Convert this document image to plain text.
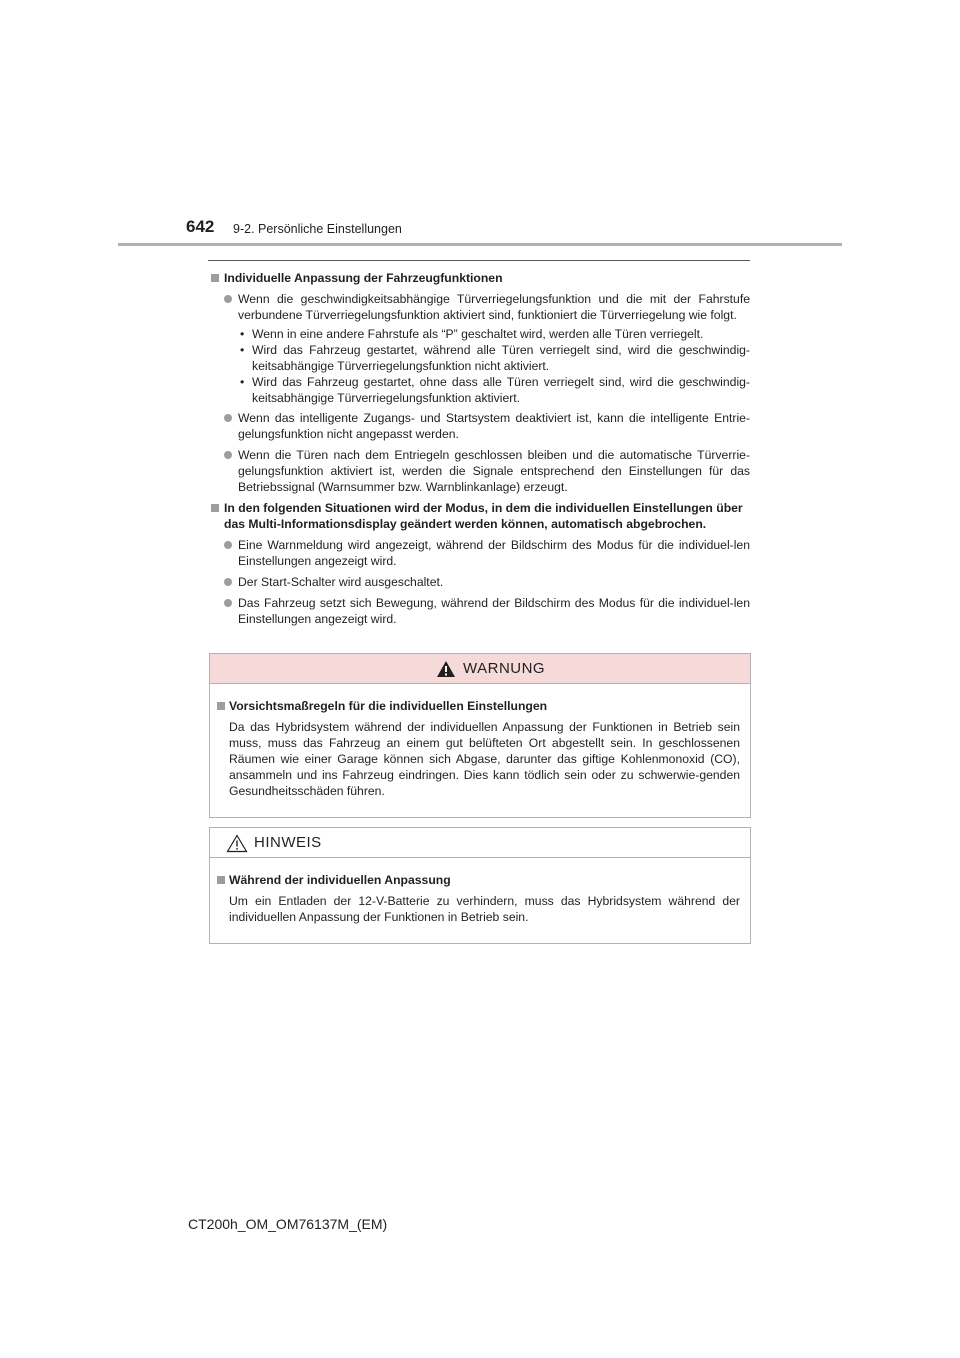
642 9-2. Persönliche Einstellungen
Individuelle Anpassung der Fahrzeugfunktionen
Wenn die geschwindigkeitsabhängige Türverriegelungsfunktion und die mit der Fahrstufe verbundene Türverriegelungsfunktion aktiviert sind, funktioniert die Türverriegelung wie folgt.
• Wenn in eine andere Fahrstufe als “P” geschaltet wird, werden alle Türen verriegelt.
• Wird das Fahrzeug gestartet, während alle Türen verriegelt sind, wird die geschwindig-keitsabhängige Türverriegelungsfunktion nicht aktiviert.
• Wird das Fahrzeug gestartet, ohne dass alle Türen verriegelt sind, wird die geschwindig-keitsabhängige Türverriegelungsfunktion aktiviert.
Wenn das intelligente Zugangs- und Startsystem deaktiviert ist, kann die intelligente Entrie-gelungsfunktion nicht angepasst werden.
Wenn die Türen nach dem Entriegeln geschlossen bleiben und die automatische Türverrie-gelungsfunktion aktiviert ist, werden die Signale entsprechend den Einstellungen für das Betriebssignal (Warnsummer bzw. Warnblinkanlage) erzeugt.
In den folgenden Situationen wird der Modus, in dem die individuellen Einstellungen über das Multi-Informationsdisplay geändert werden können, automatisch abgebrochen.
Eine Warnmeldung wird angezeigt, während der Bildschirm des Modus für die individuel-len Einstellungen angezeigt wird.
Der Start-Schalter wird ausgeschaltet.
Das Fahrzeug setzt sich Bewegung, während der Bildschirm des Modus für die individuel-len Einstellungen angezeigt wird.
WARNUNG
Vorsichtsmaßregeln für die individuellen Einstellungen
Da das Hybridsystem während der individuellen Anpassung der Funktionen in Betrieb sein muss, muss das Fahrzeug an einem gut belüfteten Ort abgestellt sein. In geschlossenen Räumen wie einer Garage können sich Abgase, darunter das giftige Kohlenmonoxid (CO), ansammeln und ins Fahrzeug eindringen. Dies kann tödlich sein oder zu schwerwie-genden Gesundheitsschäden führen.
HINWEIS
Während der individuellen Anpassung
Um ein Entladen der 12-V-Batterie zu verhindern, muss das Hybridsystem während der individuellen Anpassung der Funktionen in Betrieb sein.
CT200h_OM_OM76137M_(EM)
